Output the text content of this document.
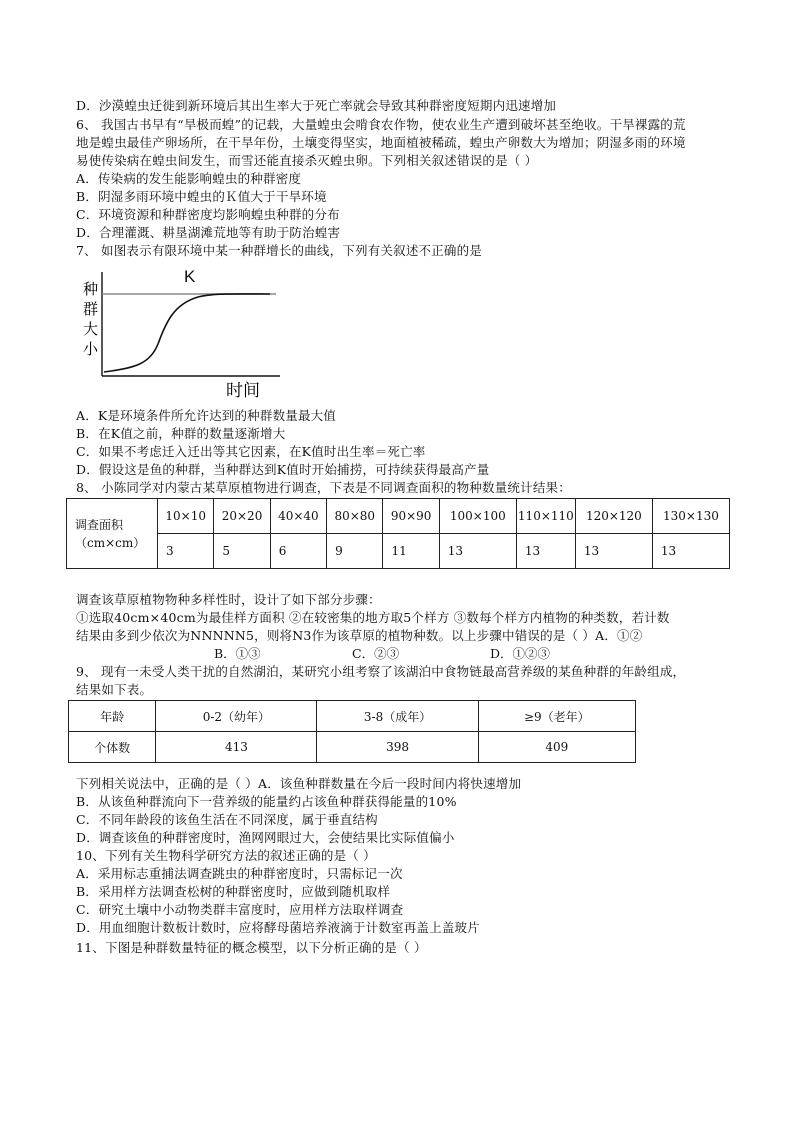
D．沙漠蝗虫迁徙到新环境后其出生率大于死亡率就会导致其种群密度短期内迅速增加
6、 我国古书早有“旱极而蝗”的记载，大量蝗虫会啃食农作物，使农业生产遭到破坏甚至绝收。干旱裸露的荒
地是蝗虫最佳产卵场所，在干旱年份，土壤变得坚实，地面植被稀疏，蝗虫产卵数大为增加；阴湿多雨的环境
易使传染病在蝗虫间发生，而雪还能直接杀灭蝗虫卵。下列相关叙述错误的是（ ）
A．传染病的发生能影响蝗虫的种群密度
B．阴湿多雨环境中蝗虫的Ｋ值大于干旱环境
C．环境资源和种群密度均影响蝗虫种群的分布
D．合理灌溉、耕垦湖滩荒地等有助于防治蝗害
7、 如图表示有限环境中某一种群增长的曲线，下列有关叙述不正确的是
K
种
群
大
小
时间
A．K是环境条件所允许达到的种群数量最大值
B．在K值之前，种群的数量逐渐增大
C．如果不考虑迁入迁出等其它因素，在K值时出生率＝死亡率
D．假设这是鱼的种群，当种群达到K值时开始捕捞，可持续获得最高产量
8、 小陈同学对内蒙古某草原植物进行调查，下表是不同调查面积的物种数量统计结果：
调查面积（cm×cm）	10×10	20×20	40×40	80×80	90×90	100×100	110×110	120×120	130×130
	3	5	6	9	11	13	13	13	13
调查该草原植物物种多样性时，设计了如下部分步骤：
①选取40cm×40cm为最佳样方面积 ②在较密集的地方取5个样方 ③数每个样方内植物的种类数，若计数
结果由多到少依次为NNNNN5，则将N3作为该草原的植物种数。以上步骤中错误的是（ ）A．①②
B．①③	C．②③	D．①②③
9、 现有一未受人类干扰的自然湖泊，某研究小组考察了该湖泊中食物链最高营养级的某鱼种群的年龄组成，
结果如下表。
年龄	0-2（幼年）	3-8（成年）	≥9（老年）
个体数	413	398	409
下列相关说法中，正确的是（ ）A．该鱼种群数量在今后一段时间内将快速增加
B．从该鱼种群流向下一营养级的能量约占该鱼种群获得能量的10%
C．不同年龄段的该鱼生活在不同深度，属于垂直结构
D．调查该鱼的种群密度时，渔网网眼过大，会使结果比实际值偏小
10、下列有关生物科学研究方法的叙述正确的是（ ）
A．采用标志重捕法调查跳虫的种群密度时，只需标记一次
B．采用样方法调查松树的种群密度时，应做到随机取样
C．研究土壤中小动物类群丰富度时，应用样方法取样调查
D．用血细胞计数板计数时，应将酵母菌培养液滴于计数室再盖上盖玻片
11、下图是种群数量特征的概念模型，以下分析正确的是（ ）
